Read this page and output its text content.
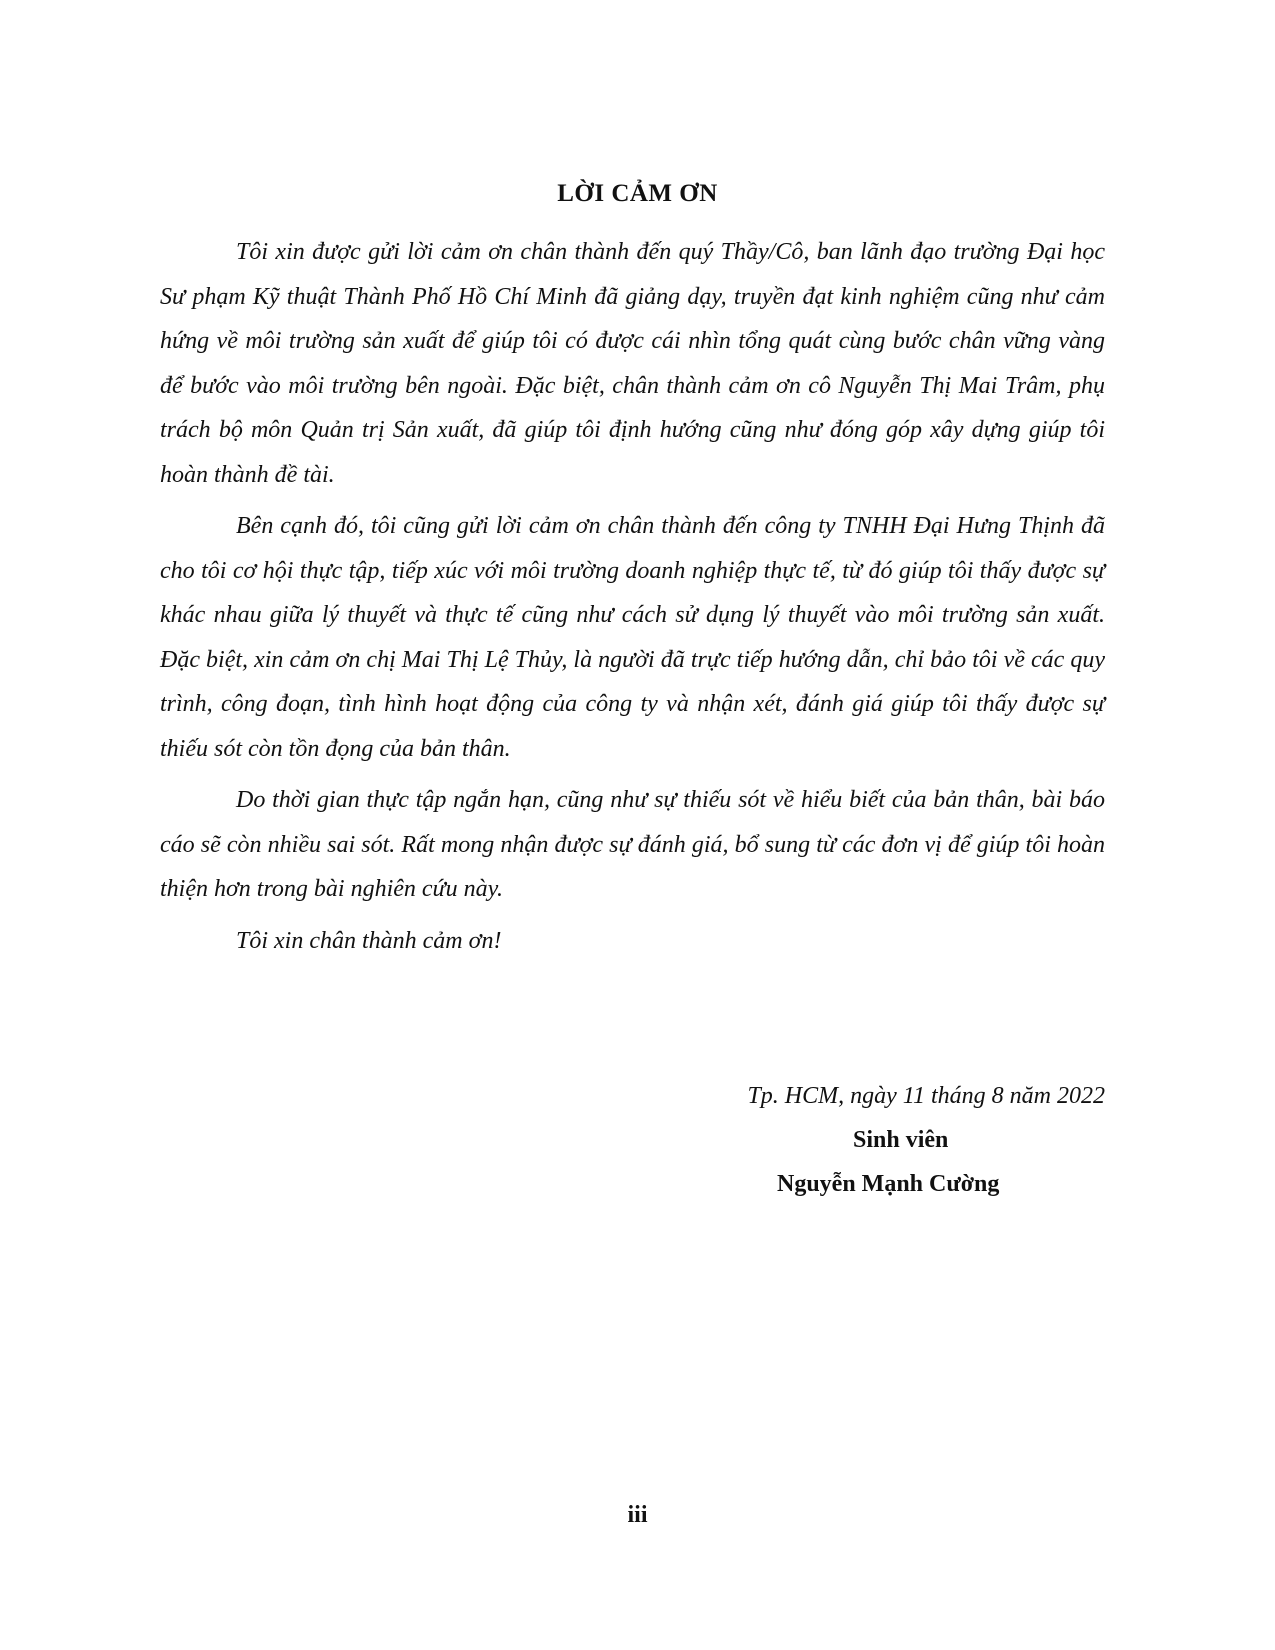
LỜI CẢM ƠN

Tôi xin được gửi lời cảm ơn chân thành đến quý Thầy/Cô, ban lãnh đạo trường Đại học Sư phạm Kỹ thuật Thành Phố Hồ Chí Minh đã giảng dạy, truyền đạt kinh nghiệm cũng như cảm hứng về môi trường sản xuất để giúp tôi có được cái nhìn tổng quát cùng bước chân vững vàng để bước vào môi trường bên ngoài. Đặc biệt, chân thành cảm ơn cô Nguyễn Thị Mai Trâm, phụ trách bộ môn Quản trị Sản xuất, đã giúp tôi định hướng cũng như đóng góp xây dựng giúp tôi hoàn thành đề tài.

Bên cạnh đó, tôi cũng gửi lời cảm ơn chân thành đến công ty TNHH Đại Hưng Thịnh đã cho tôi cơ hội thực tập, tiếp xúc với môi trường doanh nghiệp thực tế, từ đó giúp tôi thấy được sự khác nhau giữa lý thuyết và thực tế cũng như cách sử dụng lý thuyết vào môi trường sản xuất. Đặc biệt, xin cảm ơn chị Mai Thị Lệ Thủy, là người đã trực tiếp hướng dẫn, chỉ bảo tôi về các quy trình, công đoạn, tình hình hoạt động của công ty và nhận xét, đánh giá giúp tôi thấy được sự thiếu sót còn tồn đọng của bản thân.

Do thời gian thực tập ngắn hạn, cũng như sự thiếu sót về hiểu biết của bản thân, bài báo cáo sẽ còn nhiều sai sót. Rất mong nhận được sự đánh giá, bổ sung từ các đơn vị để giúp tôi hoàn thiện hơn trong bài nghiên cứu này.

Tôi xin chân thành cảm ơn!

Tp. HCM, ngày 11 tháng 8 năm 2022
Sinh viên
Nguyễn Mạnh Cường
iii
